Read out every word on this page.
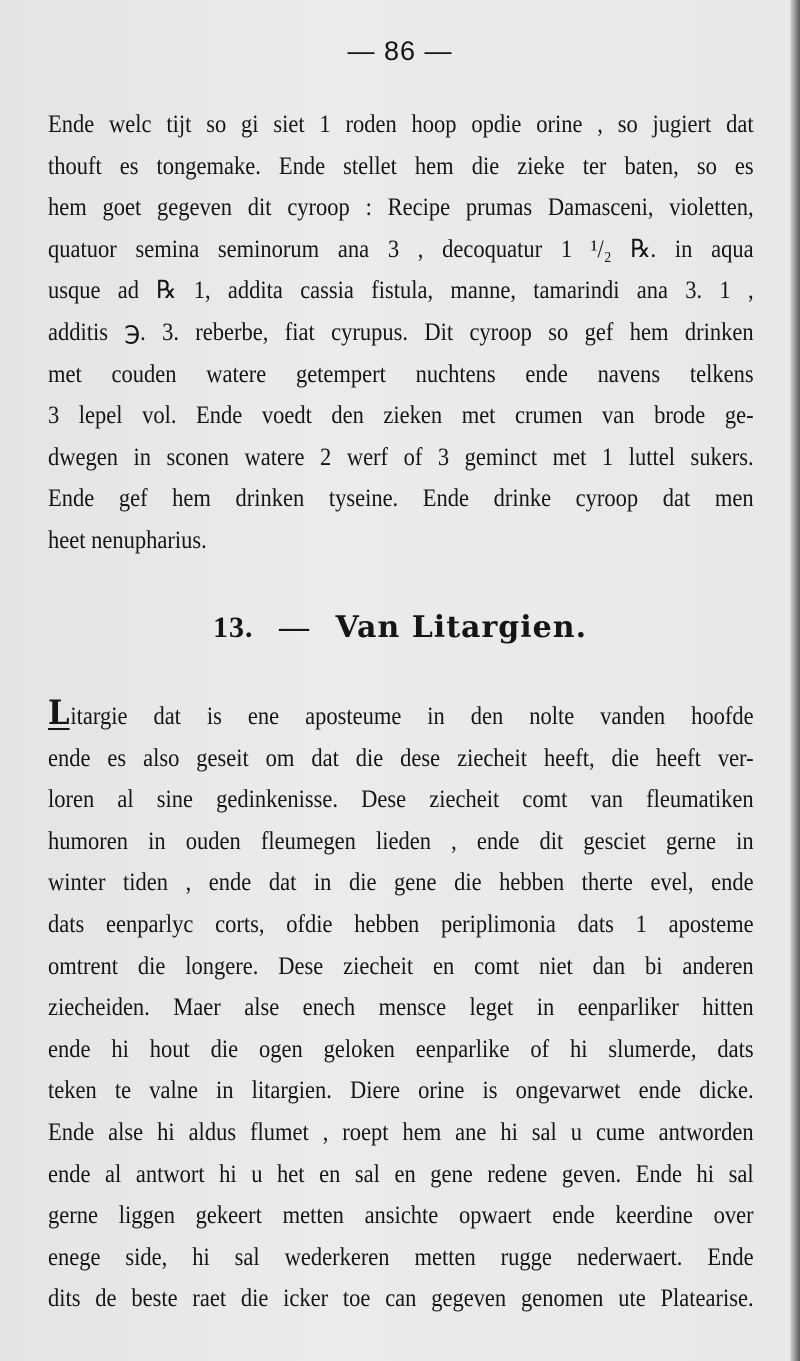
— 86 —
Ende welc tijt so gi siet 1 roden hoop opdie orine , so jugiert dat
thouft es tongemake. Ende stellet hem die zieke ter baten, so es
hem goet gegeven dit cyroop : Recipe prumas Damasceni, violetten,
quatuor semina seminorum ana 3 , decoquatur 1 ¹/₂ ℞. in aqua
usque ad ℞ 1, addita cassia fistula, manne, tamarindi ana 3. 1 ,
additis ℈. 3. reberbe, fiat cyrupus. Dit cyroop so gef hem drinken
met couden watere getempert nuchtens ende navens telkens
3 lepel vol. Ende voedt den zieken met crumen van brode ge-
dwegen in sconen watere 2 werf of 3 geminct met 1 luttel sukers.
Ende gef hem drinken tyseine. Ende drinke cyroop dat men
heet nenupharius.
13. — Van Litargien.
Litargie dat is ene aposteume in den nolte vanden hoofde
ende es also geseit om dat die dese ziecheit heeft, die heeft ver-
loren al sine gedinkenisse. Dese ziecheit comt van fleumatiken
humoren in ouden fleumegen lieden , ende dit gesciet gerne in
winter tiden , ende dat in die gene die hebben therte evel, ende
dats eenparlyc corts, ofdie hebben periplimonia dats 1 aposteme
omtrent die longere. Dese ziecheit en comt niet dan bi anderen
ziecheiden. Maer alse enech mensce leget in eenparliker hitten
ende hi hout die ogen geloken eenparlike of hi slumerde, dats
teken te valne in litargien. Diere orine is ongevarwet ende dicke.
Ende alse hi aldus flumet , roept hem ane hi sal u cume antworden
ende al antwort hi u het en sal en gene redene geven. Ende hi sal
gerne liggen gekeert metten ansichte opwaert ende keerdine over
enege side, hi sal wederkeren metten rugge nederwaert. Ende
dits de beste raet die icker toe can gegeven genomen ute Platearise.
